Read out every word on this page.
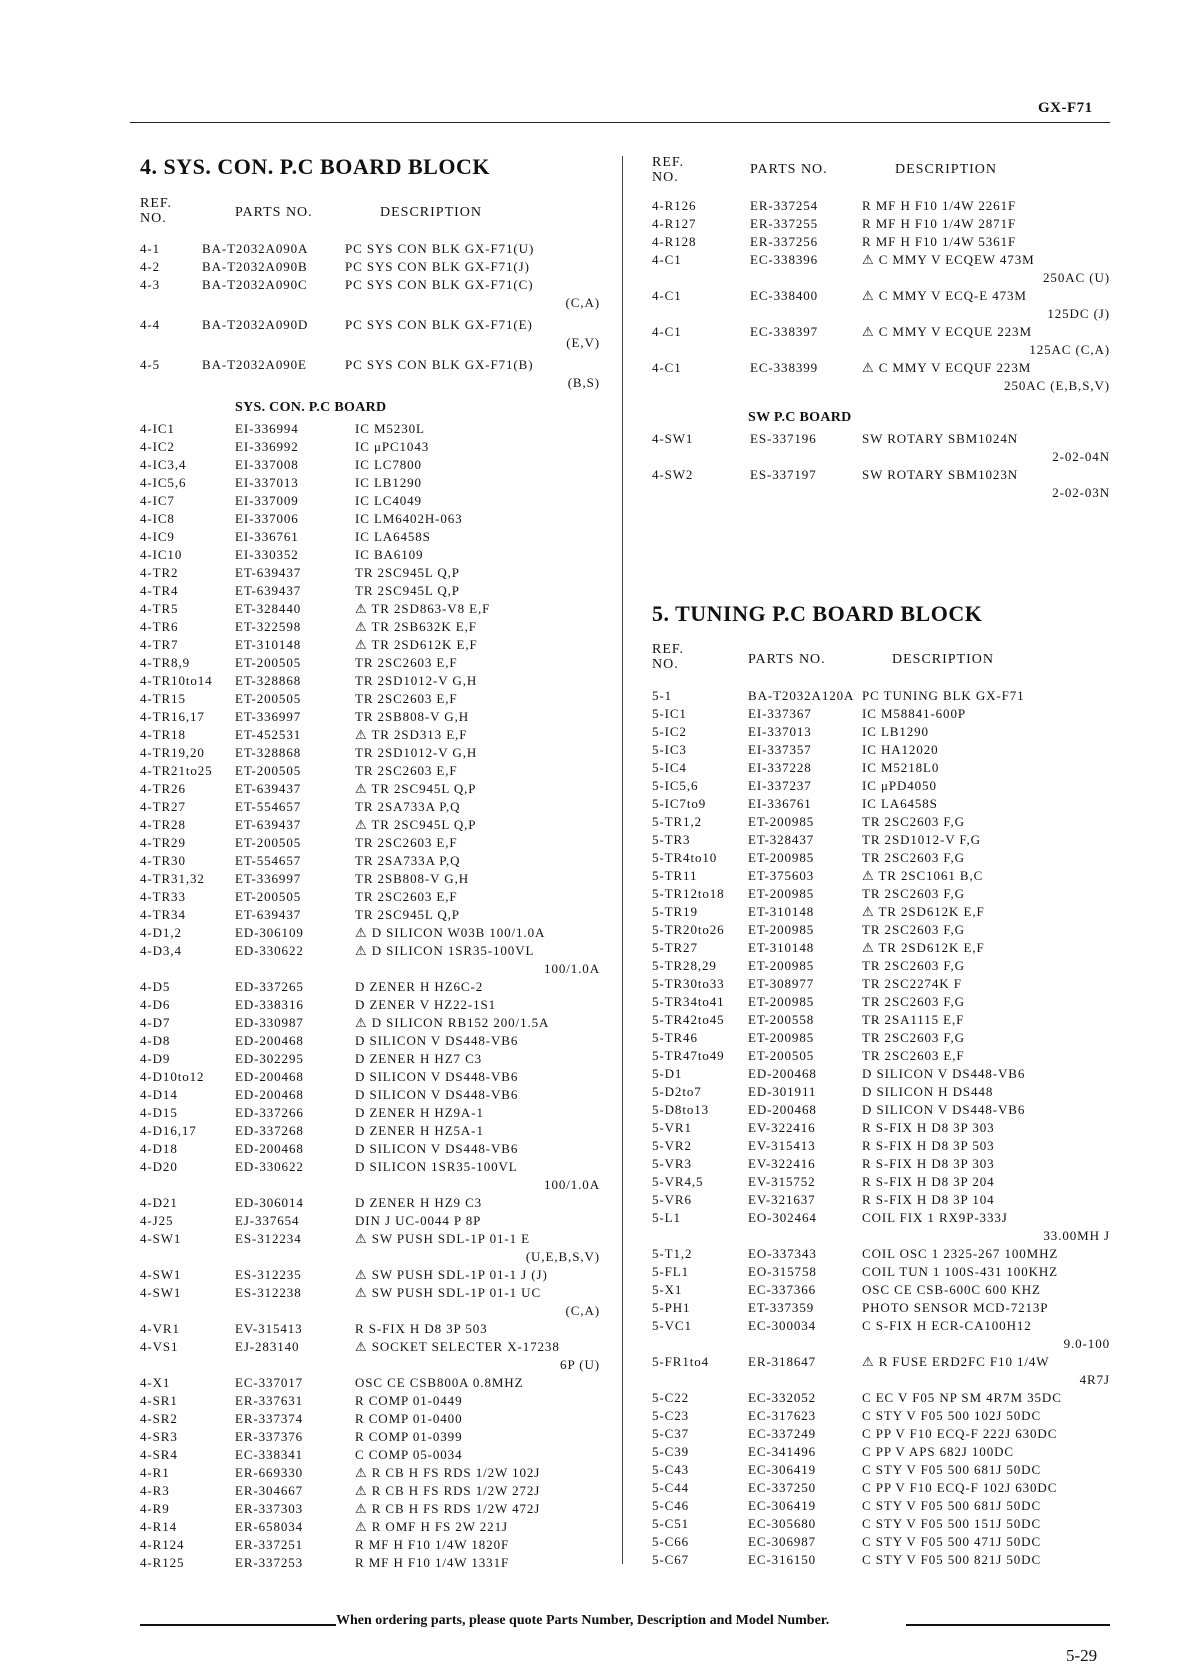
GX-F71
4. SYS. CON. P.C BOARD BLOCK
REF.
NO.	PARTS NO.	DESCRIPTION
4-1	BA-T2032A090A	PC SYS CON BLK GX-F71(U)
4-2	BA-T2032A090B	PC SYS CON BLK GX-F71(J)
4-3	BA-T2032A090C	PC SYS CON BLK GX-F71(C)
(C,A)
4-4	BA-T2032A090D	PC SYS CON BLK GX-F71(E)
(E,V)
4-5	BA-T2032A090E	PC SYS CON BLK GX-F71(B)
(B,S)
SYS. CON. P.C BOARD
4-IC1	EI-336994	IC M5230L
4-IC2	EI-336992	IC μPC1043
4-IC3,4	EI-337008	IC LC7800
4-IC5,6	EI-337013	IC LB1290
4-IC7	EI-337009	IC LC4049
4-IC8	EI-337006	IC LM6402H-063
4-IC9	EI-336761	IC LA6458S
4-IC10	EI-330352	IC BA6109
4-TR2	ET-639437	TR 2SC945L Q,P
4-TR4	ET-639437	TR 2SC945L Q,P
4-TR5	ET-328440	⚠ TR 2SD863-V8 E,F
4-TR6	ET-322598	⚠ TR 2SB632K E,F
4-TR7	ET-310148	⚠ TR 2SD612K E,F
4-TR8,9	ET-200505	TR 2SC2603 E,F
4-TR10to14 ET-328868	TR 2SD1012-V G,H
4-TR15	ET-200505	TR 2SC2603 E,F
4-TR16,17 ET-336997	TR 2SB808-V G,H
4-TR18	ET-452531	⚠ TR 2SD313 E,F
4-TR19,20 ET-328868	TR 2SD1012-V G,H
4-TR21to25 ET-200505	TR 2SC2603 E,F
4-TR26	ET-639437	⚠ TR 2SC945L Q,P
4-TR27	ET-554657	TR 2SA733A P,Q
4-TR28	ET-639437	⚠ TR 2SC945L Q,P
4-TR29	ET-200505	TR 2SC2603 E,F
4-TR30	ET-554657	TR 2SA733A P,Q
4-TR31,32 ET-336997	TR 2SB808-V G,H
4-TR33	ET-200505	TR 2SC2603 E,F
4-TR34	ET-639437	TR 2SC945L Q,P
4-D1,2	ED-306109	⚠ D SILICON W03B 100/1.0A
4-D3,4	ED-330622	⚠ D SILICON 1SR35-100VL
100/1.0A
4-D5	ED-337265	D ZENER H HZ6C-2
4-D6	ED-338316	D ZENER V HZ22-1S1
4-D7	ED-330987	⚠ D SILICON RB152 200/1.5A
4-D8	ED-200468	D SILICON V DS448-VB6
4-D9	ED-302295	D ZENER H HZ7 C3
4-D10to12 ED-200468	D SILICON V DS448-VB6
4-D14	ED-200468	D SILICON V DS448-VB6
4-D15	ED-337266	D ZENER H HZ9A-1
4-D16,17	ED-337268	D ZENER H HZ5A-1
4-D18	ED-200468	D SILICON V DS448-VB6
4-D20	ED-330622	D SILICON 1SR35-100VL
100/1.0A
4-D21	ED-306014	D ZENER H HZ9 C3
4-J25	EJ-337654	DIN J UC-0044 P 8P
4-SW1	ES-312234	⚠ SW PUSH SDL-1P 01-1 E
(U,E,B,S,V)
4-SW1	ES-312235	⚠ SW PUSH SDL-1P 01-1 J (J)
4-SW1	ES-312238	⚠ SW PUSH SDL-1P 01-1 UC
(C,A)
4-VR1	EV-315413	R S-FIX H D8 3P 503
4-VS1	EJ-283140	⚠ SOCKET SELECTER X-17238
6P (U)
4-X1	EC-337017	OSC CE CSB800A 0.8MHZ
4-SR1	ER-337631	R COMP 01-0449
4-SR2	ER-337374	R COMP 01-0400
4-SR3	ER-337376	R COMP 01-0399
4-SR4	EC-338341	C COMP 05-0034
4-R1	ER-669330	⚠ R CB H FS RDS 1/2W 102J
4-R3	ER-304667	⚠ R CB H FS RDS 1/2W 272J
4-R9	ER-337303	⚠ R CB H FS RDS 1/2W 472J
4-R14	ER-658034	⚠ R OMF H FS 2W 221J
4-R124	ER-337251	R MF H F10 1/4W 1820F
4-R125	ER-337253	R MF H F10 1/4W 1331F
REF.
NO.
PARTS NO.	DESCRIPTION
4-R126	ER-337254	R MF H F10 1/4W 2261F
4-R127	ER-337255	R MF H F10 1/4W 2871F
4-R128	ER-337256	R MF H F10 1/4W 5361F
4-C1	EC-338396	⚠ C MMY V ECQEW 473M
250AC (U)
4-C1	EC-338400	⚠ C MMY V ECQ-E 473M
125DC (J)
4-C1	EC-338397	⚠ C MMY V ECQUE 223M
125AC (C,A)
4-C1	EC-338399	⚠ C MMY V ECQUF 223M
250AC (E,B,S,V)
SW P.C BOARD
4-SW1	ES-337196	SW ROTARY SBM1024N
2-02-04N
4-SW2	ES-337197	SW ROTARY SBM1023N
2-02-03N
5. TUNING P.C BOARD BLOCK
REF.
NO.	PARTS NO.	DESCRIPTION
5-1	BA-T2032A120A PC TUNING BLK GX-F71
5-IC1	EI-337367	IC M58841-600P
5-IC2	EI-337013	IC LB1290
5-IC3	EI-337357	IC HA12020
5-IC4	EI-337228	IC M5218L0
5-IC5,6	EI-337237	IC μPD4050
5-IC7to9	EI-336761	IC LA6458S
5-TR1,2	ET-200985	TR 2SC2603 F,G
5-TR3	ET-328437	TR 2SD1012-V F,G
5-TR4to10 ET-200985	TR 2SC2603 F,G
5-TR11	ET-375603	⚠ TR 2SC1061 B,C
5-TR12to18 ET-200985	TR 2SC2603 F,G
5-TR19	ET-310148	⚠ TR 2SD612K E,F
5-TR20to26 ET-200985	TR 2SC2603 F,G
5-TR27	ET-310148	⚠ TR 2SD612K E,F
5-TR28,29 ET-200985	TR 2SC2603 F,G
5-TR30to33 ET-308977	TR 2SC2274K F
5-TR34to41 ET-200985	TR 2SC2603 F,G
5-TR42to45 ET-200558	TR 2SA1115 E,F
5-TR46	ET-200985	TR 2SC2603 F,G
5-TR47to49 ET-200505	TR 2SC2603 E,F
5-D1	ED-200468	D SILICON V DS448-VB6
5-D2to7	ED-301911	D SILICON H DS448
5-D8to13	ED-200468	D SILICON V DS448-VB6
5-VR1	EV-322416	R S-FIX H D8 3P 303
5-VR2	EV-315413	R S-FIX H D8 3P 503
5-VR3	EV-322416	R S-FIX H D8 3P 303
5-VR4,5	EV-315752	R S-FIX H D8 3P 204
5-VR6	EV-321637	R S-FIX H D8 3P 104
5-L1	EO-302464	COIL FIX 1 RX9P-333J
33.00MH J
5-T1,2	EO-337343	COIL OSC 1 2325-267 100MHZ
5-FL1	EO-315758	COIL TUN 1 100S-431 100KHZ
5-X1	EC-337366	OSC CE CSB-600C 600 KHZ
5-PH1	ET-337359	PHOTO SENSOR MCD-7213P
5-VC1	EC-300034	C S-FIX H ECR-CA100H12
9.0-100
5-FR1to4	ER-318647	⚠ R FUSE ERD2FC F10 1/4W
4R7J
5-C22	EC-332052	C EC V F05 NP SM 4R7M 35DC
5-C23	EC-317623	C STY V F05 500 102J 50DC
5-C37	EC-337249	C PP V F10 ECQ-F 222J 630DC
5-C39	EC-341496	C PP V APS 682J 100DC
5-C43	EC-306419	C STY V F05 500 681J 50DC
5-C44	EC-337250	C PP V F10 ECQ-F 102J 630DC
5-C46	EC-306419	C STY V F05 500 681J 50DC
5-C51	EC-305680	C STY V F05 500 151J 50DC
5-C66	EC-306987	C STY V F05 500 471J 50DC
5-C67	EC-316150	C STY V F05 500 821J 50DC
When ordering parts, please quote Parts Number, Description and Model Number.
5-29
